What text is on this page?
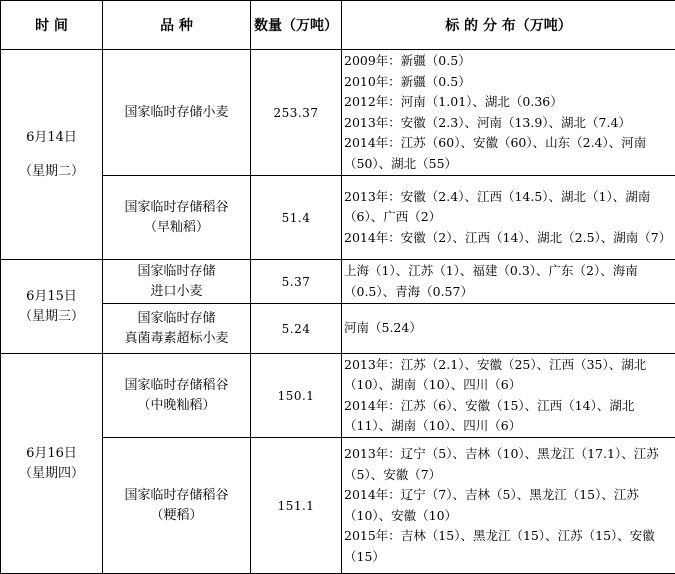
时 间	品 种	数量（万吨）	标 的 分 布（万吨）

6月14日
（星期二）	国家临时存储小麦	253.37	2009年：新疆（0.5）
2010年：新疆（0.5）
2012年：河南（1.01）、湖北（0.36）
2013年：安徽（2.3）、河南（13.9）、湖北（7.4）
2014年：江苏（60）、安徽（60）、山东（2.4）、河南（50）、湖北（55）

	国家临时存储稻谷
（早籼稻）	51.4	2013年：安徽（2.4）、江西（14.5）、湖北（1）、湖南（6）、广西（2）
2014年：安徽（2）、江西（14）、湖北（2.5）、湖南（7）

6月15日
（星期三）	国家临时存储
进口小麦	5.37	上海（1）、江苏（1）、福建（0.3）、广东（2）、海南（0.5）、青海（0.57）

	国家临时存储
真菌毒素超标小麦	5.24	河南（5.24）

6月16日
（星期四）	国家临时存储稻谷
（中晚籼稻）	150.1	2013年：江苏（2.1）、安徽（25）、江西（35）、湖北（10）、湖南（10）、四川（6）
2014年：江苏（6）、安徽（15）、江西（14）、湖北（11）、湖南（10）、四川（6）

	国家临时存储稻谷
（粳稻）	151.1	2013年：辽宁（5）、吉林（10）、黑龙江（17.1）、江苏（5）、安徽（7）
2014年：辽宁（7）、吉林（5）、黑龙江（15）、江苏（10）、安徽（10）
2015年：吉林（15）、黑龙江（15）、江苏（15）、安徽（15）
